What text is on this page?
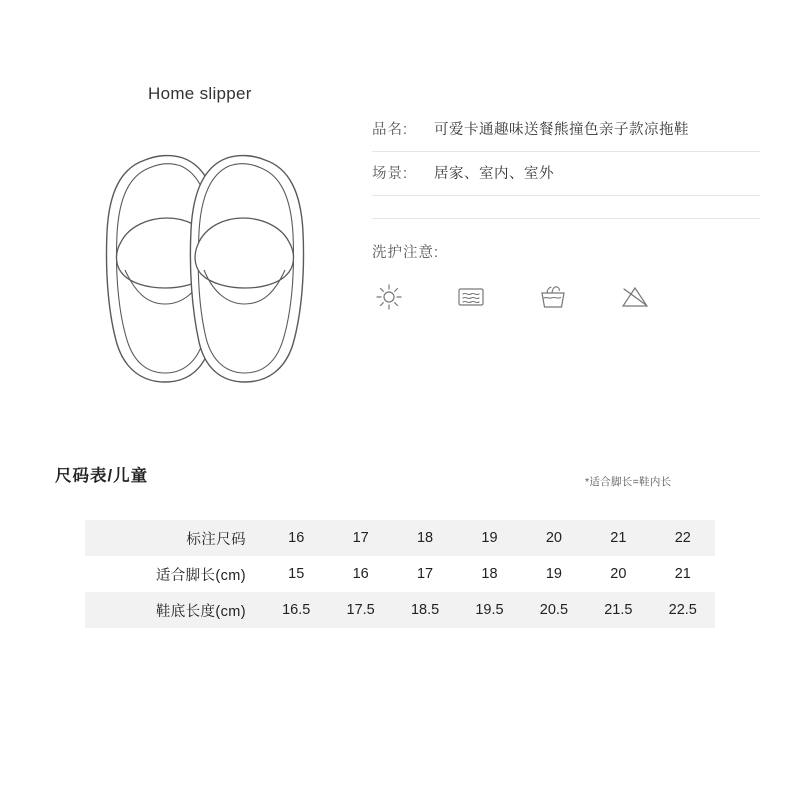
Home slipper
品名:	可爱卡通趣味送餐熊撞色亲子款凉拖鞋
场景:	居家、室内、室外
洗护注意:
尺码表/儿童	*适合脚长=鞋内长
标注尺码	16	17	18	19	20	21	22
适合脚长(cm)	15	16	17	18	19	20	21
鞋底长度(cm)	16.5	17.5	18.5	19.5	20.5	21.5	22.5
